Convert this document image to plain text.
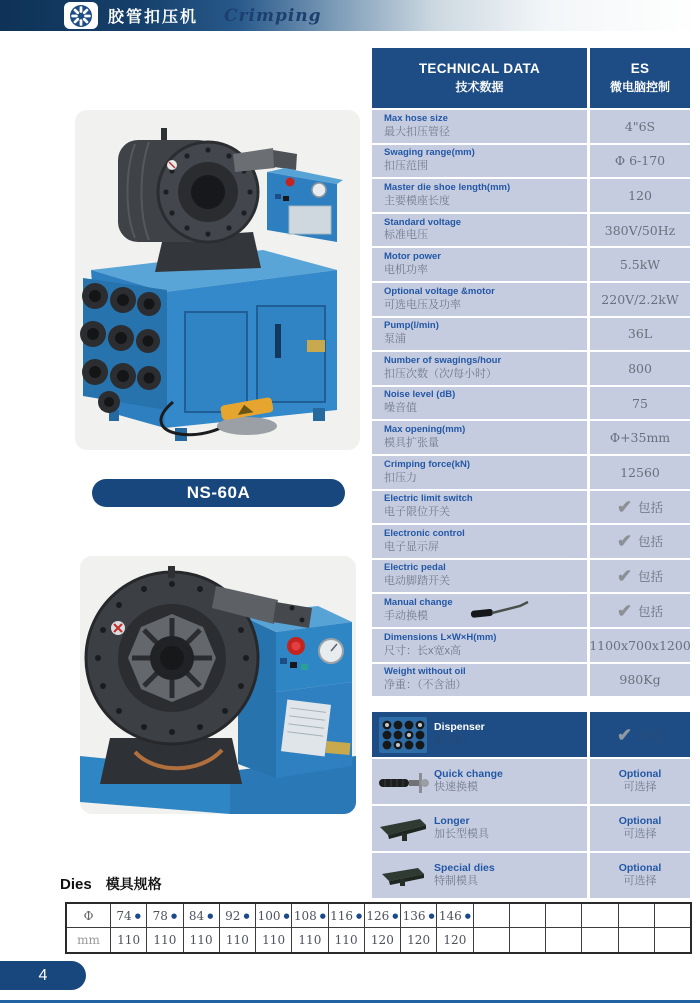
胶管扣压机 Crimping
NS-60A
TECHNICAL DATA
技术数据
ES
微电脑控制
Max hose size
最大扣压管径	4"6S
Swaging range(mm)
扣压范围	Φ 6-170
Master die shoe length(mm)
主要模座长度	120
Standard voltage
标准电压	380V/50Hz
Motor power
电机功率	5.5kW
Optional voltage &motor
可选电压及功率	220V/2.2kW
Pump(l/min)
泵浦	36L
Number of swagings/hour
扣压次数（次/每小时）	800
Noise level (dB)
噪音值	75
Max opening(mm)
模具扩张量	Φ+35mm
Crimping force(kN)
扣压力	12560
Electric limit switch
电子限位开关	✔ 包括
Electronic control
电子显示屏	✔ 包括
Electric pedal
电动脚踏开关	✔ 包括
Manual change
手动换模	✔ 包括
Dimensions L×W×H(mm)
尺寸：长x宽x高	1100x700x1200
Weight without oil
净重：（不含油）	980Kg
Dispenser
模具柜	✔ 包括
Quick change
快速换模
Optional
可选择
Longer
加长型模具
Optional
可选择
Special dies
特制模具
Optional
可选择
Dies 模具规格
Φ	74 ● 78 ● 84 ● 92 ● 100 ● 108 ● 116 ● 126 ● 136 ● 146 ●
mm	110	110	110	110	110	110	110	120	120	120
4
